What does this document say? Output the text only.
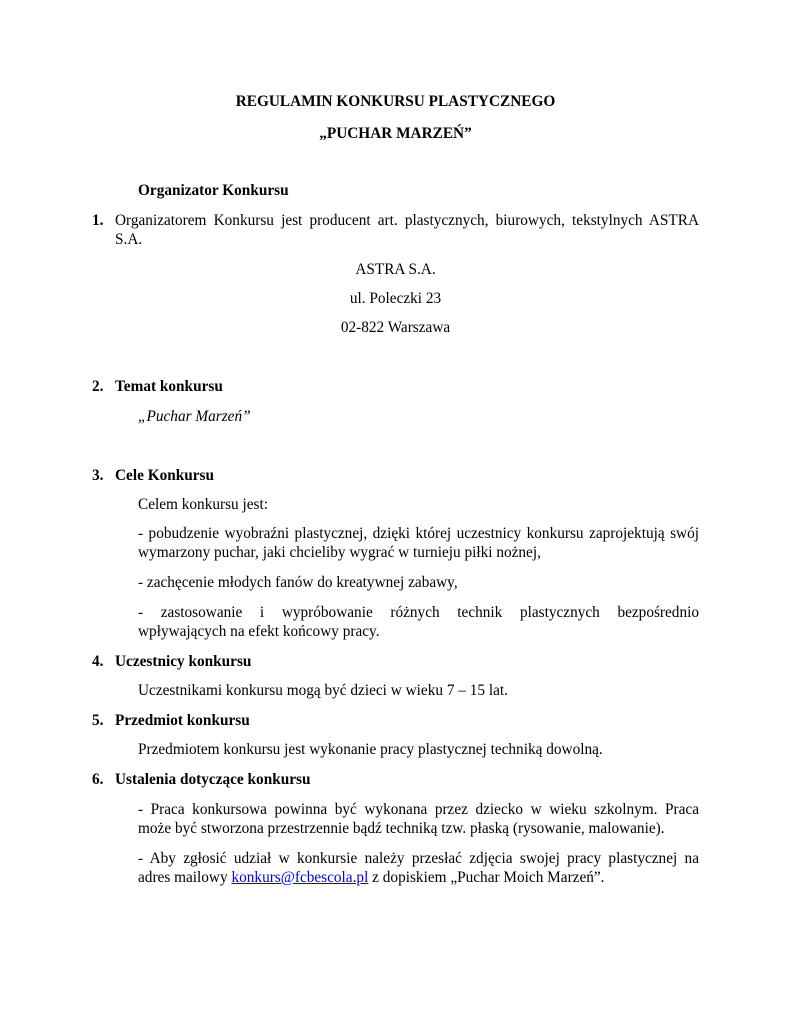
REGULAMIN KONKURSU PLASTYCZNEGO
„PUCHAR MARZEŃ”
Organizator Konkursu
1. Organizatorem Konkursu jest producent art. plastycznych, biurowych, tekstylnych ASTRA
S.A.
ASTRA S.A.
ul. Poleczki 23
02-822 Warszawa
2. Temat konkursu
„Puchar Marzeń”
3. Cele Konkursu
Celem konkursu jest:
- pobudzenie wyobraźni plastycznej, dzięki której uczestnicy konkursu zaprojektują swój
wymarzony puchar, jaki chcieliby wygrać w turnieju piłki nożnej,
- zachęcenie młodych fanów do kreatywnej zabawy,
- zastosowanie i wypróbowanie różnych technik plastycznych bezpośrednio
wpływających na efekt końcowy pracy.
4. Uczestnicy konkursu
Uczestnikami konkursu mogą być dzieci w wieku 7 – 15 lat.
5. Przedmiot konkursu
Przedmiotem konkursu jest wykonanie pracy plastycznej techniką dowolną.
6. Ustalenia dotyczące konkursu
- Praca konkursowa powinna być wykonana przez dziecko w wieku szkolnym. Praca
może być stworzona przestrzennie bądź techniką tzw. płaską (rysowanie, malowanie).
- Aby zgłosić udział w konkursie należy przesłać zdjęcia swojej pracy plastycznej na
adres mailowy konkurs@fcbescola.pl z dopiskiem „Puchar Moich Marzeń”.
